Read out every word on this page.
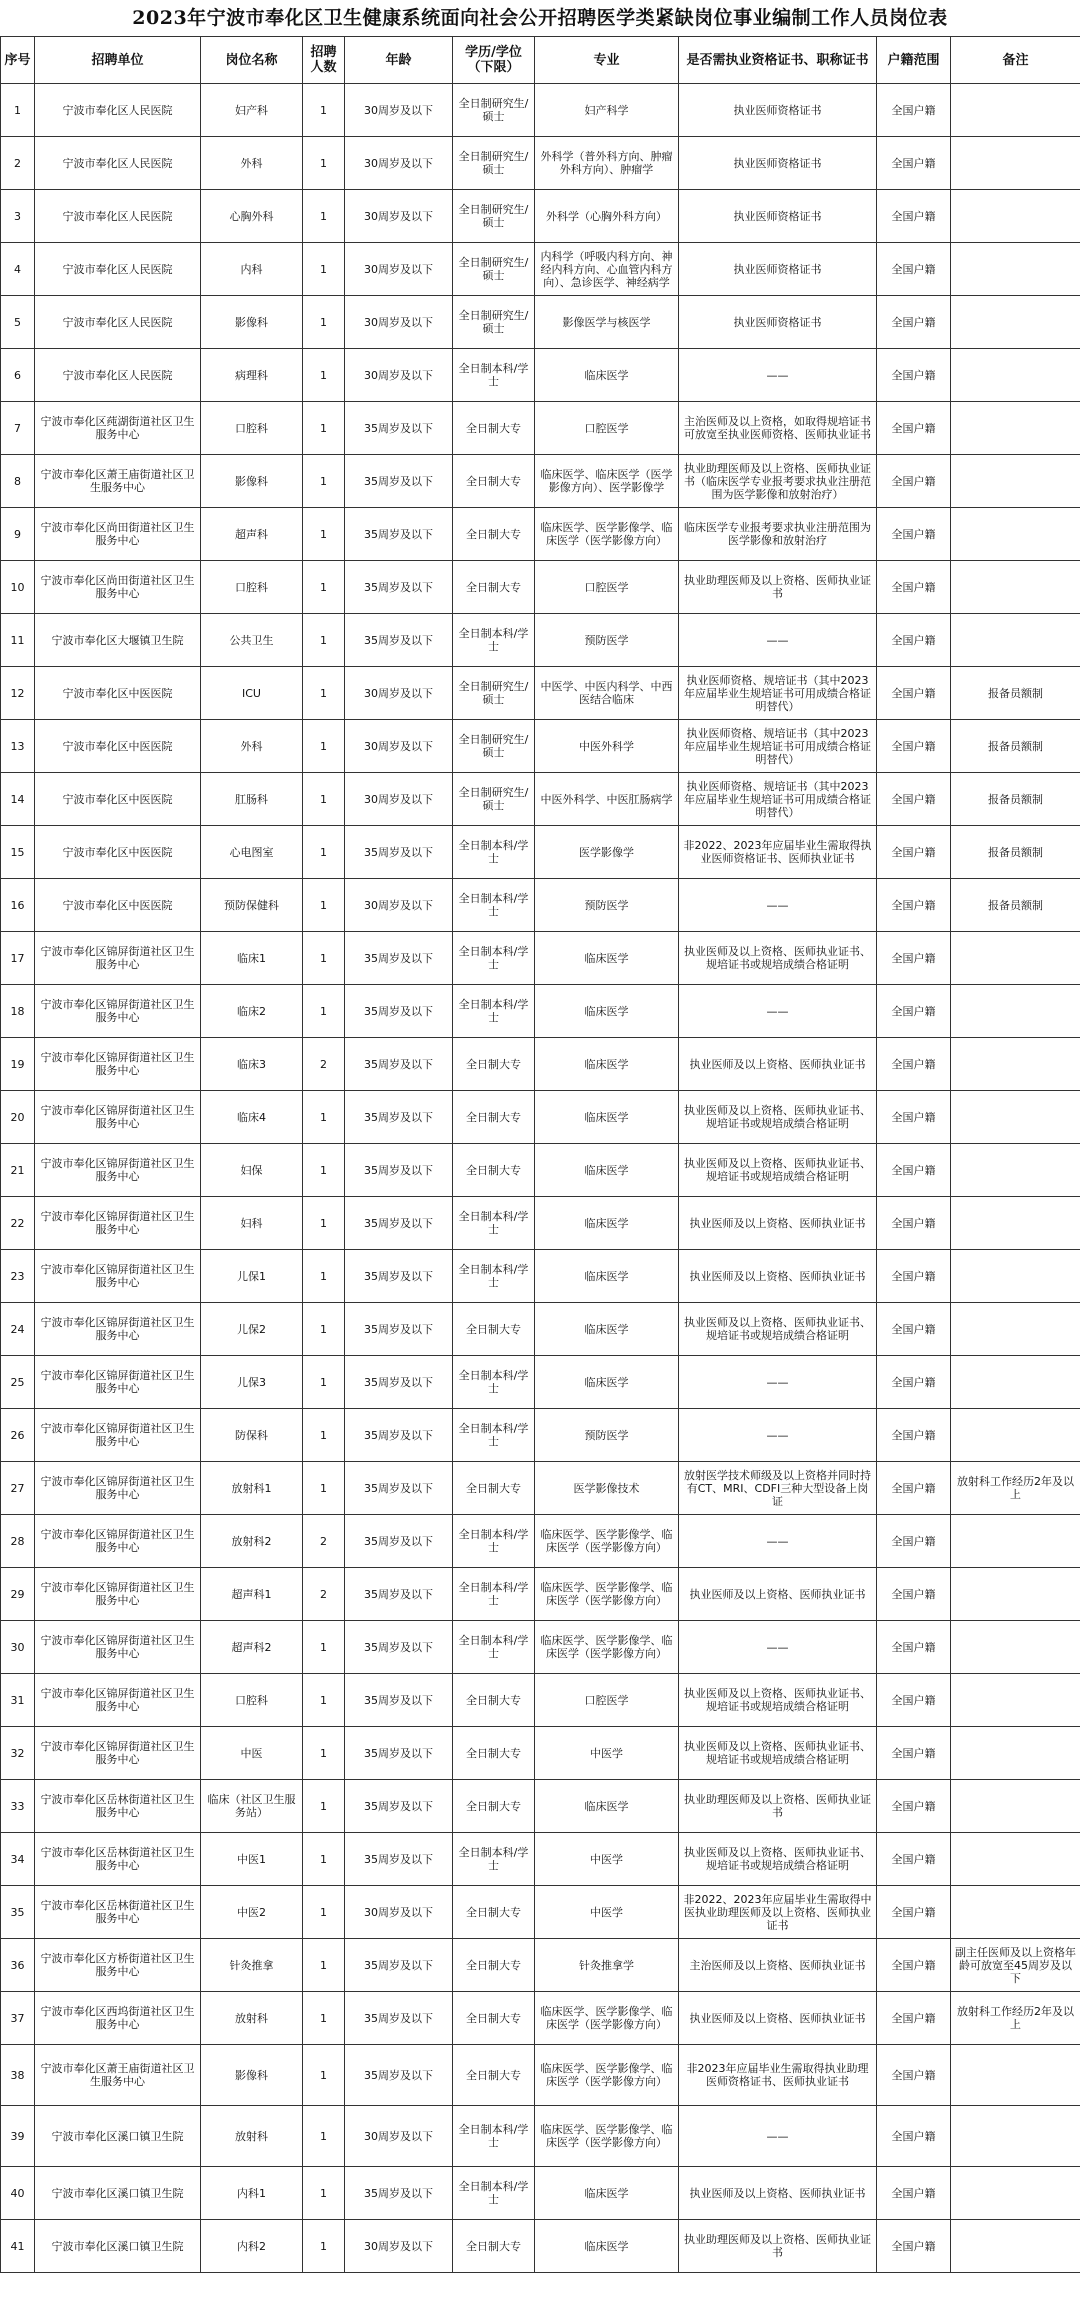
2023年宁波市奉化区卫生健康系统面向社会公开招聘医学类紧缺岗位事业编制工作人员岗位表
序号	招聘单位	岗位名称	招聘人数	年龄	学历/学位（下限）	专业	是否需执业资格证书、职称证书	户籍范围	备注
1	宁波市奉化区人民医院	妇产科	1	30周岁及以下	全日制研究生/硕士	妇产科学	执业医师资格证书	全国户籍	
2	宁波市奉化区人民医院	外科	1	30周岁及以下	全日制研究生/硕士	外科学（普外科方向、肿瘤外科方向）、肿瘤学	执业医师资格证书	全国户籍	
3	宁波市奉化区人民医院	心胸外科	1	30周岁及以下	全日制研究生/硕士	外科学（心胸外科方向）	执业医师资格证书	全国户籍	
4	宁波市奉化区人民医院	内科	1	30周岁及以下	全日制研究生/硕士	内科学（呼吸内科方向、神经内科方向、心血管内科方向）、急诊医学、神经病学	执业医师资格证书	全国户籍	
5	宁波市奉化区人民医院	影像科	1	30周岁及以下	全日制研究生/硕士	影像医学与核医学	执业医师资格证书	全国户籍	
6	宁波市奉化区人民医院	病理科	1	30周岁及以下	全日制本科/学士	临床医学	——	全国户籍	
7	宁波市奉化区莼湖街道社区卫生服务中心	口腔科	1	35周岁及以下	全日制大专	口腔医学	主治医师及以上资格，如取得规培证书可放宽至执业医师资格、医师执业证书	全国户籍	
8	宁波市奉化区萧王庙街道社区卫生服务中心	影像科	1	35周岁及以下	全日制大专	临床医学、临床医学（医学影像方向）、医学影像学	执业助理医师及以上资格、医师执业证书（临床医学专业报考要求执业注册范围为医学影像和放射治疗）	全国户籍	
9	宁波市奉化区尚田街道社区卫生服务中心	超声科	1	35周岁及以下	全日制大专	临床医学、医学影像学、临床医学（医学影像方向）	临床医学专业报考要求执业注册范围为医学影像和放射治疗	全国户籍	
10	宁波市奉化区尚田街道社区卫生服务中心	口腔科	1	35周岁及以下	全日制大专	口腔医学	执业助理医师及以上资格、医师执业证书	全国户籍	
11	宁波市奉化区大堰镇卫生院	公共卫生	1	35周岁及以下	全日制本科/学士	预防医学	——	全国户籍	
12	宁波市奉化区中医医院	ICU	1	30周岁及以下	全日制研究生/硕士	中医学、中医内科学、中西医结合临床	执业医师资格、规培证书（其中2023年应届毕业生规培证书可用成绩合格证明替代）	全国户籍	报备员额制
13	宁波市奉化区中医医院	外科	1	30周岁及以下	全日制研究生/硕士	中医外科学	执业医师资格、规培证书（其中2023年应届毕业生规培证书可用成绩合格证明替代）	全国户籍	报备员额制
14	宁波市奉化区中医医院	肛肠科	1	30周岁及以下	全日制研究生/硕士	中医外科学、中医肛肠病学	执业医师资格、规培证书（其中2023年应届毕业生规培证书可用成绩合格证明替代）	全国户籍	报备员额制
15	宁波市奉化区中医医院	心电图室	1	35周岁及以下	全日制本科/学士	医学影像学	非2022、2023年应届毕业生需取得执业医师资格证书、医师执业证书	全国户籍	报备员额制
16	宁波市奉化区中医医院	预防保健科	1	30周岁及以下	全日制本科/学士	预防医学	——	全国户籍	报备员额制
17	宁波市奉化区锦屏街道社区卫生服务中心	临床1	1	35周岁及以下	全日制本科/学士	临床医学	执业医师及以上资格、医师执业证书、规培证书或规培成绩合格证明	全国户籍	
18	宁波市奉化区锦屏街道社区卫生服务中心	临床2	1	35周岁及以下	全日制本科/学士	临床医学	——	全国户籍	
19	宁波市奉化区锦屏街道社区卫生服务中心	临床3	2	35周岁及以下	全日制大专	临床医学	执业医师及以上资格、医师执业证书	全国户籍	
20	宁波市奉化区锦屏街道社区卫生服务中心	临床4	1	35周岁及以下	全日制大专	临床医学	执业医师及以上资格、医师执业证书、规培证书或规培成绩合格证明	全国户籍	
21	宁波市奉化区锦屏街道社区卫生服务中心	妇保	1	35周岁及以下	全日制大专	临床医学	执业医师及以上资格、医师执业证书、规培证书或规培成绩合格证明	全国户籍	
22	宁波市奉化区锦屏街道社区卫生服务中心	妇科	1	35周岁及以下	全日制本科/学士	临床医学	执业医师及以上资格、医师执业证书	全国户籍	
23	宁波市奉化区锦屏街道社区卫生服务中心	儿保1	1	35周岁及以下	全日制本科/学士	临床医学	执业医师及以上资格、医师执业证书	全国户籍	
24	宁波市奉化区锦屏街道社区卫生服务中心	儿保2	1	35周岁及以下	全日制大专	临床医学	执业医师及以上资格、医师执业证书、规培证书或规培成绩合格证明	全国户籍	
25	宁波市奉化区锦屏街道社区卫生服务中心	儿保3	1	35周岁及以下	全日制本科/学士	临床医学	——	全国户籍	
26	宁波市奉化区锦屏街道社区卫生服务中心	防保科	1	35周岁及以下	全日制本科/学士	预防医学	——	全国户籍	
27	宁波市奉化区锦屏街道社区卫生服务中心	放射科1	1	35周岁及以下	全日制大专	医学影像技术	放射医学技术师级及以上资格并同时持有CT、MRI、CDFI三种大型设备上岗证	全国户籍	放射科工作经历2年及以上
28	宁波市奉化区锦屏街道社区卫生服务中心	放射科2	2	35周岁及以下	全日制本科/学士	临床医学、医学影像学、临床医学（医学影像方向）	——	全国户籍	
29	宁波市奉化区锦屏街道社区卫生服务中心	超声科1	2	35周岁及以下	全日制本科/学士	临床医学、医学影像学、临床医学（医学影像方向）	执业医师及以上资格、医师执业证书	全国户籍	
30	宁波市奉化区锦屏街道社区卫生服务中心	超声科2	1	35周岁及以下	全日制本科/学士	临床医学、医学影像学、临床医学（医学影像方向）	——	全国户籍	
31	宁波市奉化区锦屏街道社区卫生服务中心	口腔科	1	35周岁及以下	全日制大专	口腔医学	执业医师及以上资格、医师执业证书、规培证书或规培成绩合格证明	全国户籍	
32	宁波市奉化区锦屏街道社区卫生服务中心	中医	1	35周岁及以下	全日制大专	中医学	执业医师及以上资格、医师执业证书、规培证书或规培成绩合格证明	全国户籍	
33	宁波市奉化区岳林街道社区卫生服务中心	临床（社区卫生服务站）	1	35周岁及以下	全日制大专	临床医学	执业助理医师及以上资格、医师执业证书	全国户籍	
34	宁波市奉化区岳林街道社区卫生服务中心	中医1	1	35周岁及以下	全日制本科/学士	中医学	执业医师及以上资格、医师执业证书、规培证书或规培成绩合格证明	全国户籍	
35	宁波市奉化区岳林街道社区卫生服务中心	中医2	1	30周岁及以下	全日制大专	中医学	非2022、2023年应届毕业生需取得中医执业助理医师及以上资格、医师执业证书	全国户籍	
36	宁波市奉化区方桥街道社区卫生服务中心	针灸推拿	1	35周岁及以下	全日制大专	针灸推拿学	主治医师及以上资格、医师执业证书	全国户籍	副主任医师及以上资格年龄可放宽至45周岁及以下
37	宁波市奉化区西坞街道社区卫生服务中心	放射科	1	35周岁及以下	全日制大专	临床医学、医学影像学、临床医学（医学影像方向）	执业医师及以上资格、医师执业证书	全国户籍	放射科工作经历2年及以上
38	宁波市奉化区萧王庙街道社区卫生服务中心	影像科	1	35周岁及以下	全日制大专	临床医学、医学影像学、临床医学（医学影像方向）	非2023年应届毕业生需取得执业助理医师资格证书、医师执业证书	全国户籍	
39	宁波市奉化区溪口镇卫生院	放射科	1	30周岁及以下	全日制本科/学士	临床医学、医学影像学、临床医学（医学影像方向）	——	全国户籍	
40	宁波市奉化区溪口镇卫生院	内科1	1	35周岁及以下	全日制本科/学士	临床医学	执业医师及以上资格、医师执业证书	全国户籍	
41	宁波市奉化区溪口镇卫生院	内科2	1	30周岁及以下	全日制大专	临床医学	执业助理医师及以上资格、医师执业证书	全国户籍	
